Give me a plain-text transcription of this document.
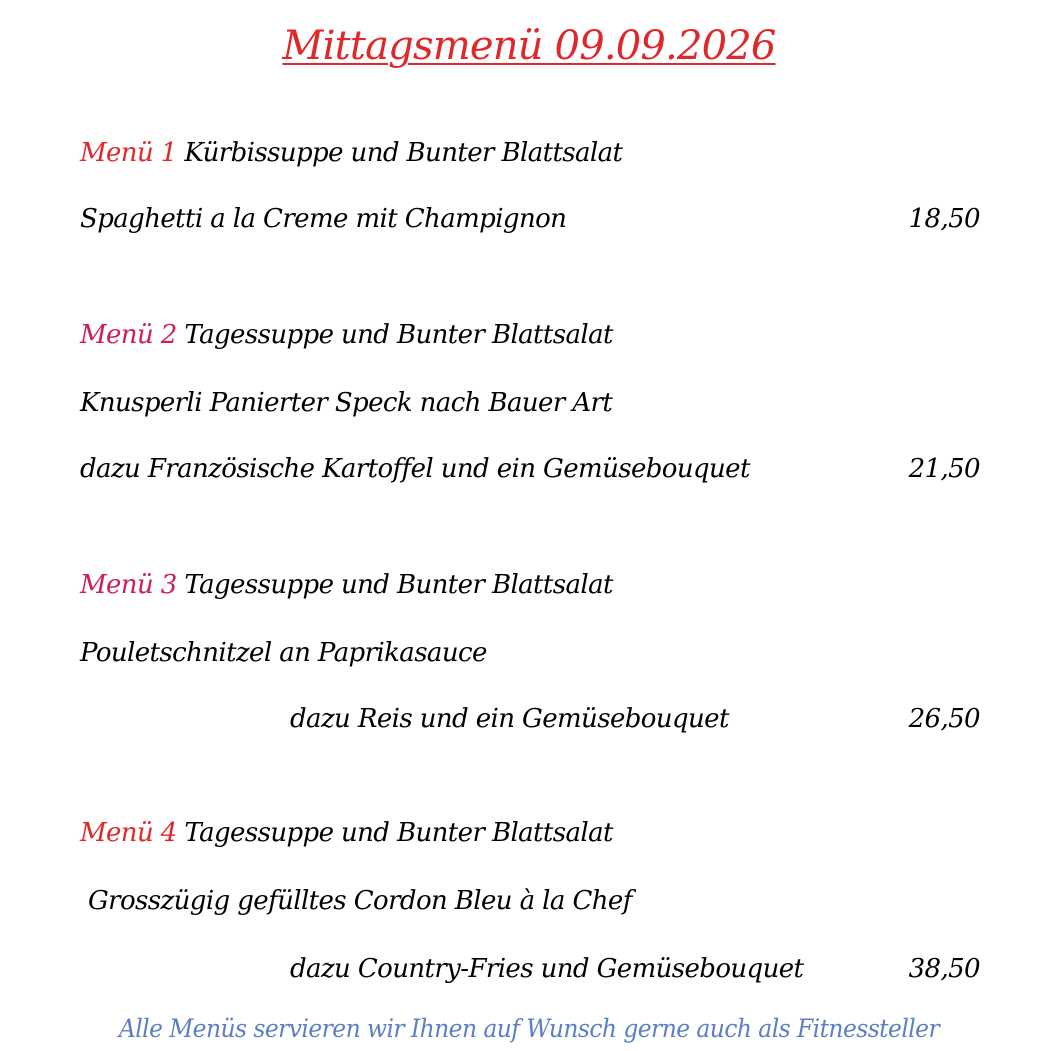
Mittagsmenü 09.09.2026
Menü 1 Kürbissuppe und Bunter Blattsalat
Spaghetti a la Creme mit Champignon	18,50
Menü 2 Tagessuppe und Bunter Blattsalat
Knusperli Panierter Speck nach Bauer Art
dazu Französische Kartoffel und ein Gemüsebouquet	21,50
Menü 3 Tagessuppe und Bunter Blattsalat
Pouletschnitzel an Paprikasauce
dazu Reis und ein Gemüsebouquet	26,50
Menü 4 Tagessuppe und Bunter Blattsalat
Grosszügig gefülltes Cordon Bleu à la Chef
dazu Country-Fries und Gemüsebouquet	38,50
Alle Menüs servieren wir Ihnen auf Wunsch gerne auch als Fitnessteller
